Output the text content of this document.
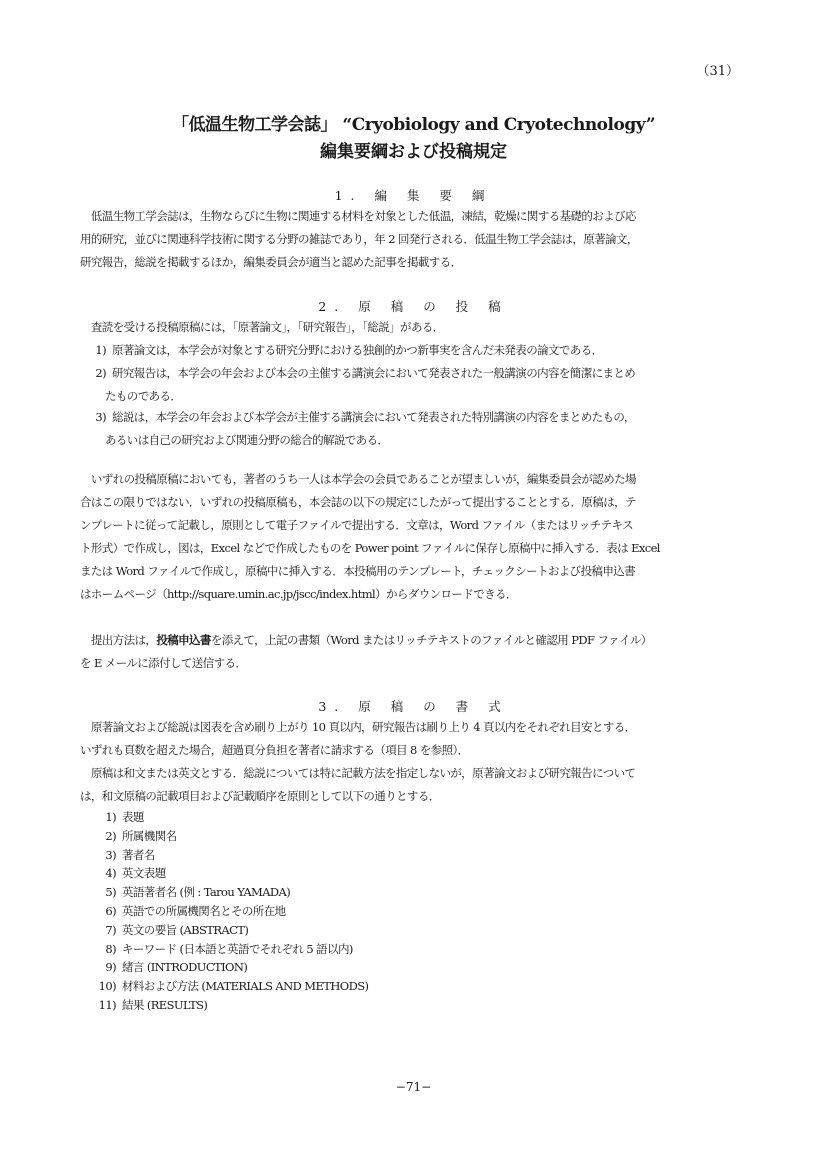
（31）
「低温生物工学会誌」 “Cryobiology and Cryotechnology”
編集要綱および投稿規定
1. 編 集 要 綱
　低温生物工学会誌は，生物ならびに生物に関連する材料を対象とした低温，凍結，乾燥に関する基礎的および応
用的研究，並びに関連科学技術に関する分野の雑誌であり，年 2 回発行される．低温生物工学会誌は，原著論文，
研究報告，総説を掲載するほか，編集委員会が適当と認めた記事を掲載する．
2. 原 稿 の 投 稿
　査読を受ける投稿原稿には，「原著論文」，「研究報告」，「総説」がある．
1) 原著論文は，本学会が対象とする研究分野における独創的かつ新事実を含んだ未発表の論文である．
2) 研究報告は，本学会の年会および本会の主催する講演会において発表された一般講演の内容を簡潔にまとめ
たものである．
3) 総説は，本学会の年会および本学会が主催する講演会において発表された特別講演の内容をまとめたもの，
あるいは自己の研究および関連分野の総合的解説である．
　いずれの投稿原稿においても，著者のうち一人は本学会の会員であることが望ましいが，編集委員会が認めた場
合はこの限りではない．いずれの投稿原稿も，本会誌の以下の規定にしたがって提出することとする．原稿は，テ
ンプレートに従って記載し，原則として電子ファイルで提出する．文章は，Word ファイル（またはリッチテキス
ト形式）で作成し，図は，Excel などで作成したものを Power point ファイルに保存し原稿中に挿入する．表は Excel
または Word ファイルで作成し，原稿中に挿入する．本投稿用のテンプレート，チェックシートおよび投稿申込書
はホームページ（http://square.umin.ac.jp/jscc/index.html）からダウンロードできる．
　提出方法は，投稿申込書を添えて，上記の書類（Word またはリッチテキストのファイルと確認用 PDF ファイル）
を E メールに添付して送信する．
3. 原 稿 の 書 式
　原著論文および総説は図表を含め刷り上がり 10 頁以内，研究報告は刷り上り 4 頁以内をそれぞれ目安とする．
いずれも頁数を超えた場合，超過頁分負担を著者に請求する（項目 8 を参照）．
　原稿は和文または英文とする．総説については特に記載方法を指定しないが，原著論文および研究報告について
は，和文原稿の記載項目および記載順序を原則として以下の通りとする．
1) 表題
2) 所属機関名
3) 著者名
4) 英文表題
5) 英語著者名 (例 : Tarou YAMADA)
6) 英語での所属機関名とその所在地
7) 英文の要旨 (ABSTRACT)
8) キーワード (日本語と英語でそれぞれ 5 語以内)
9) 緒言 (INTRODUCTION)
10) 材料および方法 (MATERIALS AND METHODS)
11) 結果 (RESULTS)
−71−
